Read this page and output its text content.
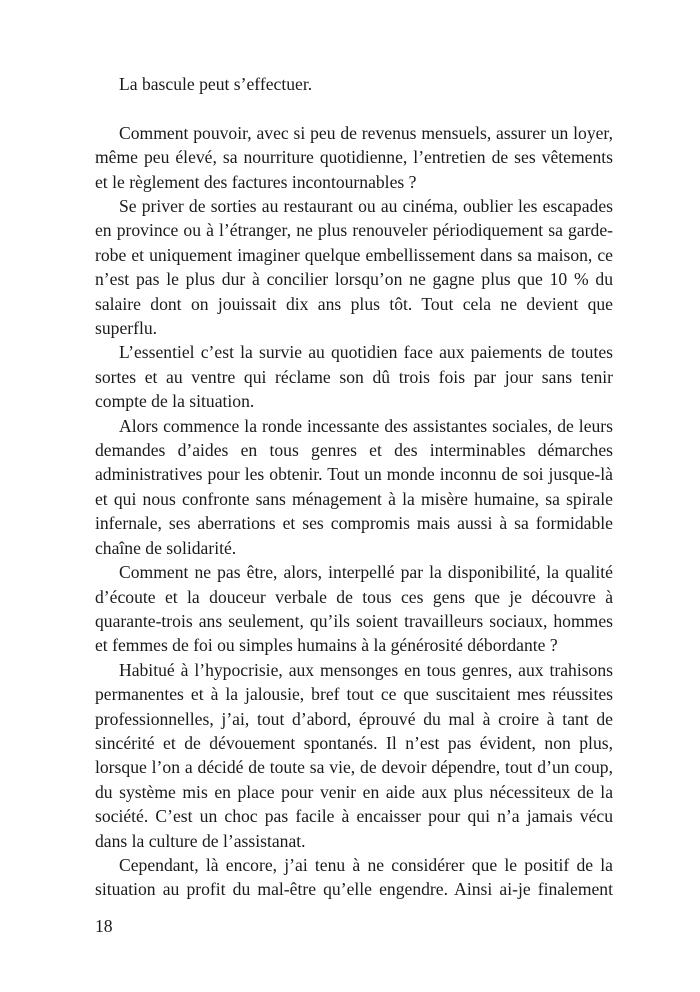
La bascule peut s’effectuer.

Comment pouvoir, avec si peu de revenus mensuels, assurer un loyer, même peu élevé, sa nourriture quotidienne, l’entretien de ses vêtements et le règlement des factures incontournables ?

Se priver de sorties au restaurant ou au cinéma, oublier les escapades en province ou à l’étranger, ne plus renouveler périodiquement sa garde-robe et uniquement imaginer quelque embellissement dans sa maison, ce n’est pas le plus dur à concilier lorsqu’on ne gagne plus que 10 % du salaire dont on jouissait dix ans plus tôt. Tout cela ne devient que superflu.

L’essentiel c’est la survie au quotidien face aux paiements de toutes sortes et au ventre qui réclame son dû trois fois par jour sans tenir compte de la situation.

Alors commence la ronde incessante des assistantes sociales, de leurs demandes d’aides en tous genres et des interminables démarches administratives pour les obtenir. Tout un monde inconnu de soi jusque-là et qui nous confronte sans ménagement à la misère humaine, sa spirale infernale, ses aberrations et ses compromis mais aussi à sa formidable chaîne de solidarité.

Comment ne pas être, alors, interpellé par la disponibilité, la qualité d’écoute et la douceur verbale de tous ces gens que je découvre à quarante-trois ans seulement, qu’ils soient travailleurs sociaux, hommes et femmes de foi ou simples humains à la générosité débordante ?

Habitué à l’hypocrisie, aux mensonges en tous genres, aux trahisons permanentes et à la jalousie, bref tout ce que suscitaient mes réussites professionnelles, j’ai, tout d’abord, éprouvé du mal à croire à tant de sincérité et de dévouement spontanés. Il n’est pas évident, non plus, lorsque l’on a décidé de toute sa vie, de devoir dépendre, tout d’un coup, du système mis en place pour venir en aide aux plus nécessiteux de la société. C’est un choc pas facile à encaisser pour qui n’a jamais vécu dans la culture de l’assistanat.

Cependant, là encore, j’ai tenu à ne considérer que le positif de la situation au profit du mal-être qu’elle engendre. Ainsi ai-je finalement

18
